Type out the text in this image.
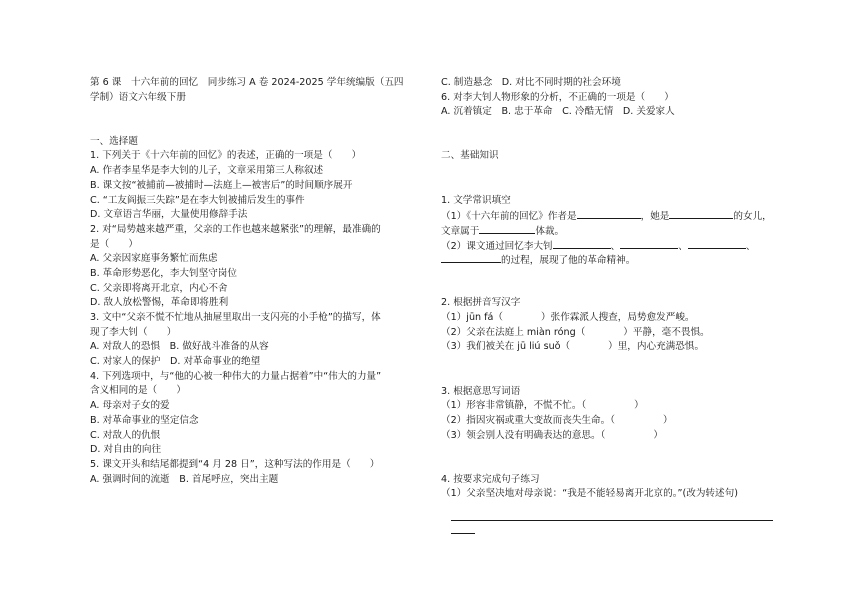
第 6 课　十六年前的回忆　同步练习 A 卷 2024-2025 学年统编版（五四
学制）语文六年级下册
一、选择题
1. 下列关于《十六年前的回忆》的表述，正确的一项是（　　）
A. 作者李星华是李大钊的儿子，文章采用第三人称叙述
B. 课文按“被捕前—被捕时—法庭上—被害后”的时间顺序展开
C. “工友阎振三失踪”是在李大钊被捕后发生的事件
D. 文章语言华丽，大量使用修辞手法
2. 对“局势越来越严重，父亲的工作也越来越紧张”的理解，最准确的
是（　　）
A. 父亲因家庭事务繁忙而焦虑
B. 革命形势恶化，李大钊坚守岗位
C. 父亲即将离开北京，内心不舍
D. 敌人放松警惕，革命即将胜利
3. 文中“父亲不慌不忙地从抽屉里取出一支闪亮的小手枪”的描写，体
现了李大钊（　　）
A. 对敌人的恐惧　B. 做好战斗准备的从容
C. 对家人的保护　D. 对革命事业的绝望
4. 下列选项中，与“他的心被一种伟大的力量占据着”中“伟大的力量”
含义相同的是（　　）
A. 母亲对子女的爱
B. 对革命事业的坚定信念
C. 对敌人的仇恨
D. 对自由的向往
5. 课文开头和结尾都提到“4 月 28 日”，这种写法的作用是（　　）
A. 强调时间的流逝　B. 首尾呼应，突出主题
C. 制造悬念　D. 对比不同时期的社会环境
6. 对李大钊人物形象的分析，不正确的一项是（　　）
A. 沉着镇定　B. 忠于革命　C. 冷酷无情　D. 关爱家人
二、基础知识
1. 文学常识填空
（1）《十六年前的回忆》作者是	，她是	的女儿，
文章属于	体裁。
（2）课文通过回忆李大钊	、	、	、
的过程，展现了他的革命精神。
2. 根据拼音写汉字
（1）jūn fá（	）张作霖派人搜查，局势愈发严峻。
（2）父亲在法庭上 miàn róng（	）平静，毫不畏惧。
（3）我们被关在 jū liú suǒ（	）里，内心充满恐惧。
3. 根据意思写词语
（1）形容非常镇静，不慌不忙。（　　　　　）
（2）指因灾祸或重大变故而丧失生命。（　　　　　）
（3）领会别人没有明确表达的意思。（　　　　　）
4. 按要求完成句子练习
（1）父亲坚决地对母亲说：“我是不能轻易离开北京的。”(改为转述句)
